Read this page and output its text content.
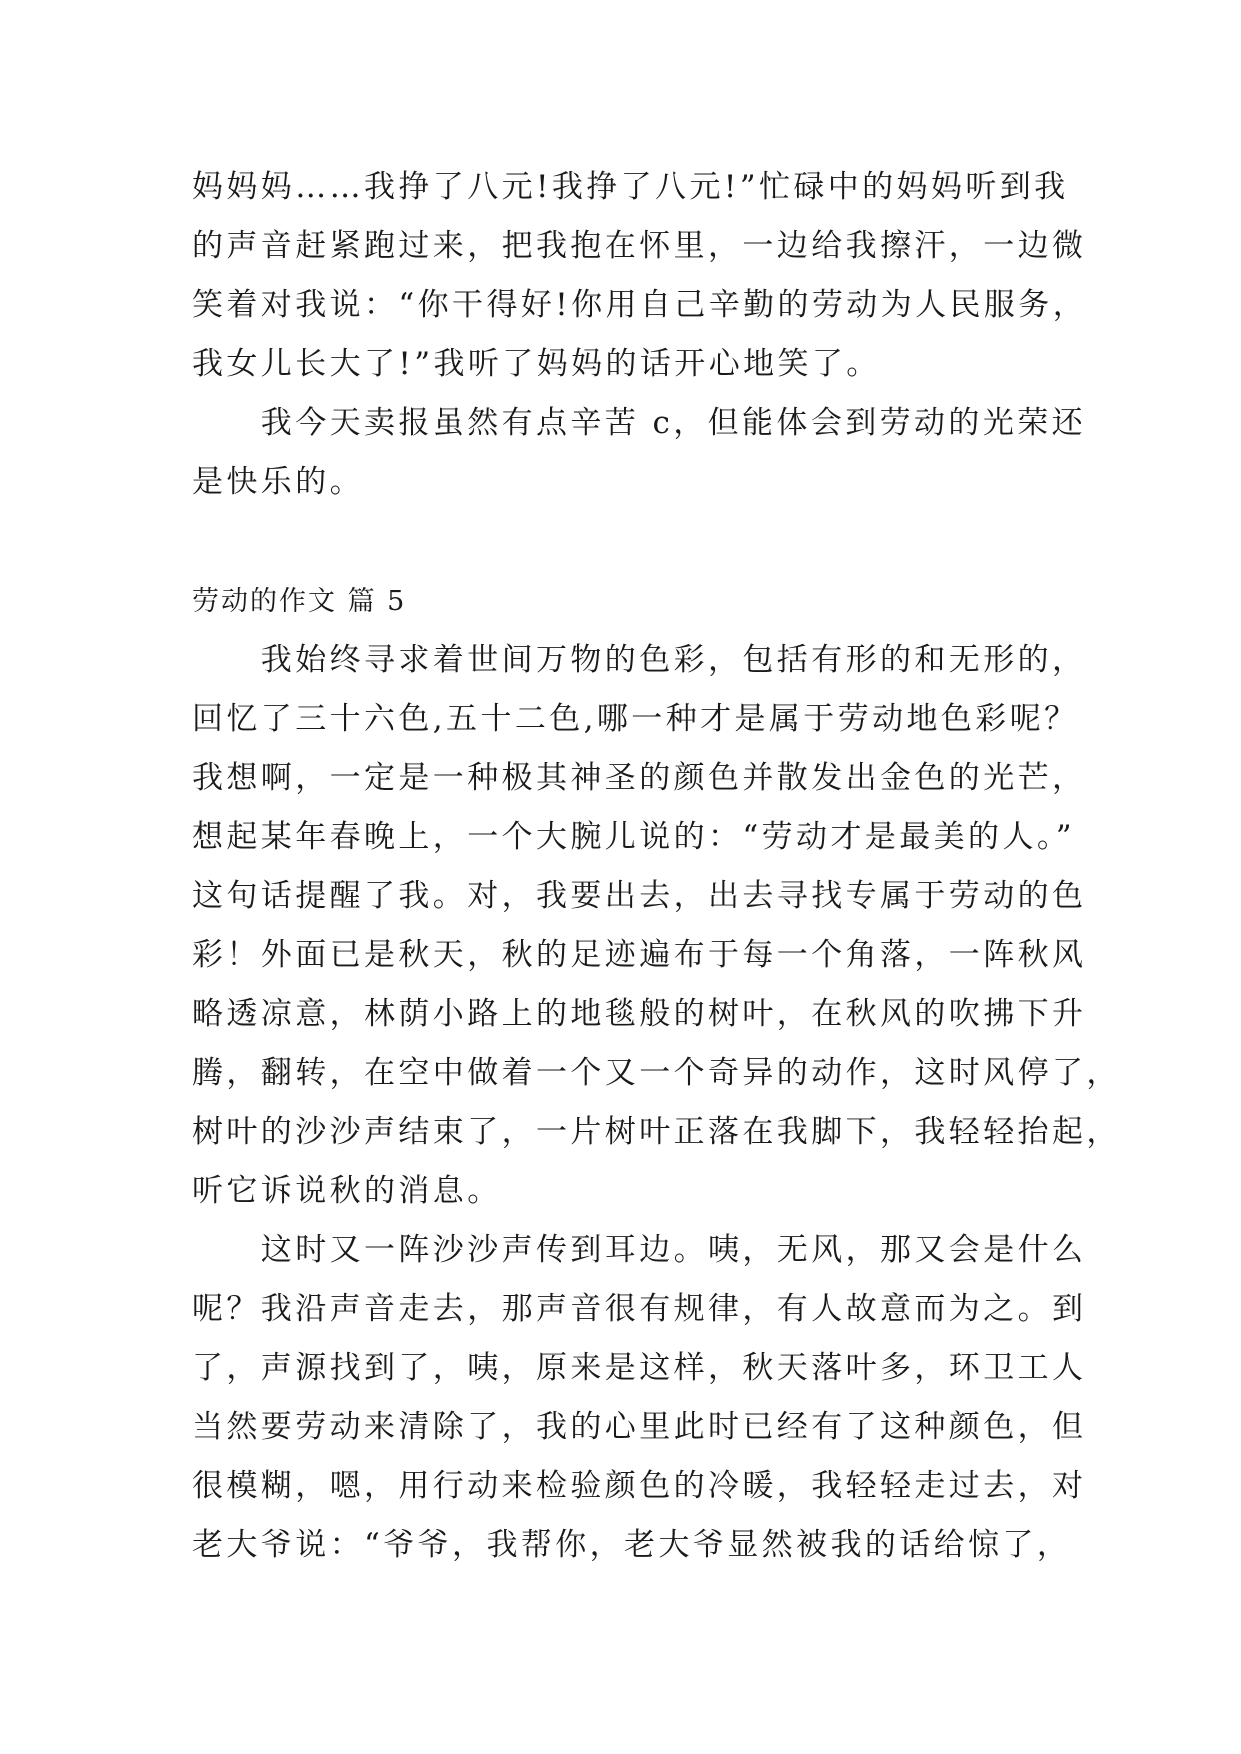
妈妈妈……我挣了八元!我挣了八元!”忙碌中的妈妈听到我
的声音赶紧跑过来，把我抱在怀里，一边给我擦汗，一边微
笑着对我说：“你干得好!你用自己辛勤的劳动为人民服务，
我女儿长大了!”我听了妈妈的话开心地笑了。
　　我今天卖报虽然有点辛苦 c，但能体会到劳动的光荣还
是快乐的。
劳动的作文 篇 5
　　我始终寻求着世间万物的色彩，包括有形的和无形的，
回忆了三十六色,五十二色,哪一种才是属于劳动地色彩呢？
我想啊，一定是一种极其神圣的颜色并散发出金色的光芒，
想起某年春晚上，一个大腕儿说的：“劳动才是最美的人。”
这句话提醒了我。对，我要出去，出去寻找专属于劳动的色
彩！外面已是秋天，秋的足迹遍布于每一个角落，一阵秋风
略透凉意，林荫小路上的地毯般的树叶，在秋风的吹拂下升
腾，翻转，在空中做着一个又一个奇异的动作，这时风停了，
树叶的沙沙声结束了，一片树叶正落在我脚下，我轻轻抬起，
听它诉说秋的消息。
　　这时又一阵沙沙声传到耳边。咦，无风，那又会是什么
呢？我沿声音走去，那声音很有规律，有人故意而为之。到
了，声源找到了，咦，原来是这样，秋天落叶多，环卫工人
当然要劳动来清除了，我的心里此时已经有了这种颜色，但
很模糊，嗯，用行动来检验颜色的冷暖，我轻轻走过去，对
老大爷说：“爷爷，我帮你，老大爷显然被我的话给惊了，
